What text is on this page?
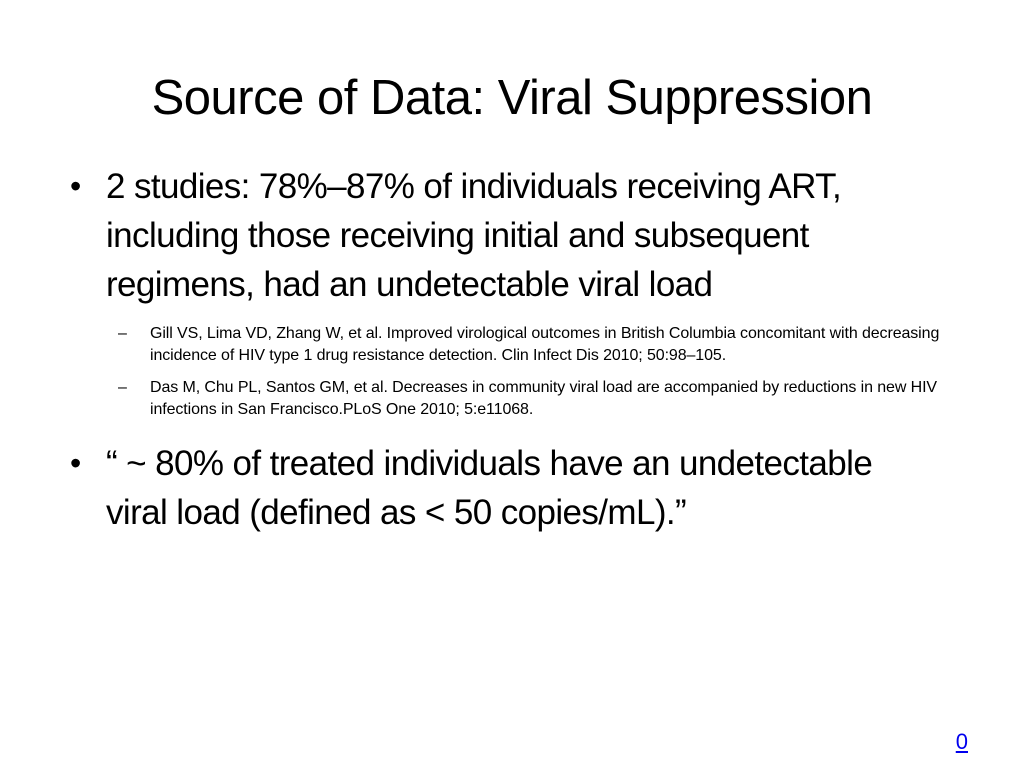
Source of Data: Viral Suppression
• 2 studies: 78%–87% of individuals receiving ART, including those receiving initial and subsequent regimens, had an undetectable viral load
–	Gill VS, Lima VD, Zhang W, et al. Improved virological outcomes in British Columbia concomitant with decreasing incidence of HIV type 1 drug resistance detection. Clin Infect Dis 2010; 50:98–105.
–	Das M, Chu PL, Santos GM, et al. Decreases in community viral load are accompanied by reductions in new HIV infections in San Francisco.PLoS One 2010; 5:e11068.
• “ ~ 80% of treated individuals have an undetectable viral load (defined as < 50 copies/mL).”
0
